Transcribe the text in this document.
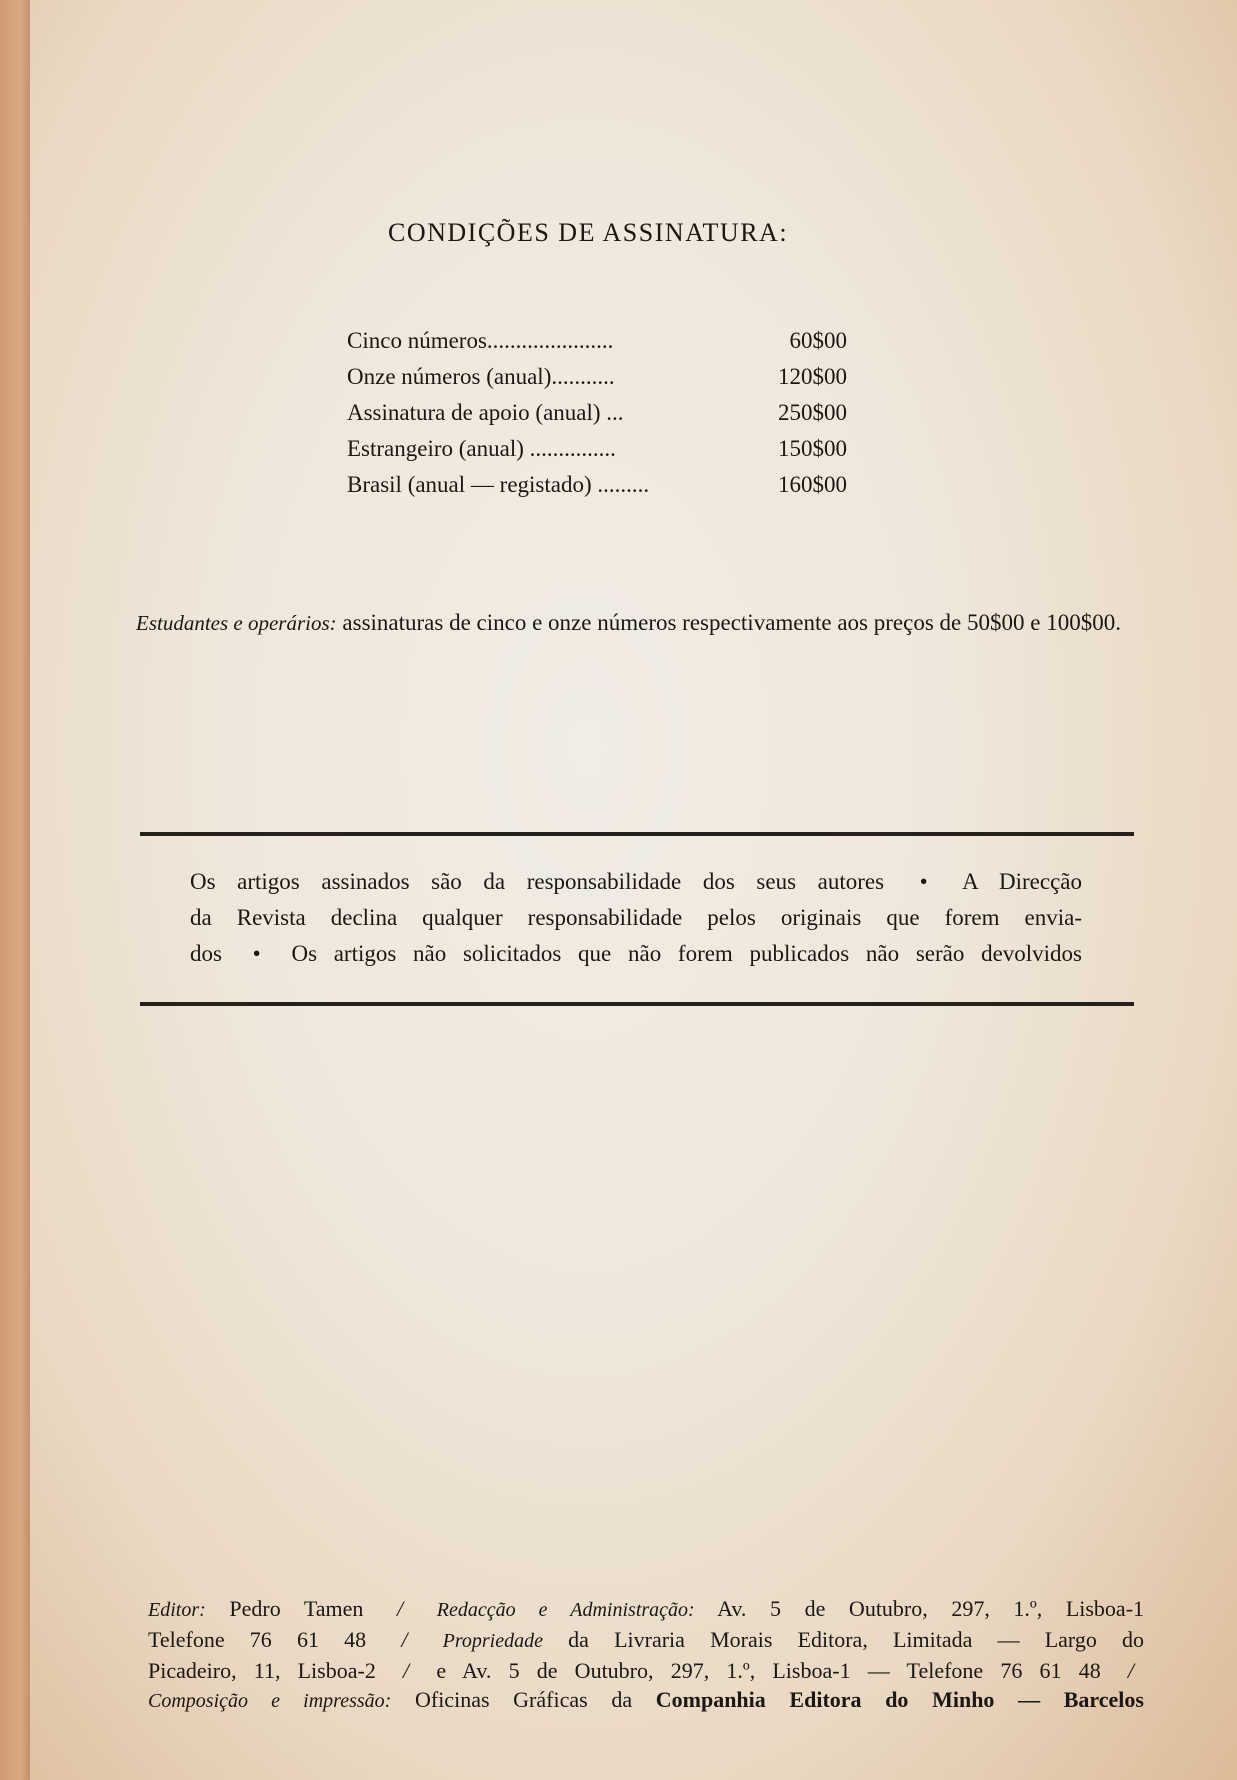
CONDIÇÕES DE ASSINATURA:
Cinco números......................	60$00
Onze números (anual)...........	120$00
Assinatura de apoio (anual) ...	250$00
Estrangeiro (anual) ...............	150$00
Brasil (anual — registado) .........	160$00
Estudantes e operários: assinaturas de cinco e onze números respectivamente aos preços de 50$00 e 100$00.
Os artigos assinados são da responsabilidade dos seus autores • A Direcção
da Revista declina qualquer responsabilidade pelos originais que forem envia-
dos • Os artigos não solicitados que não forem publicados não serão devolvidos
Editor: Pedro Tamen / Redacção e Administração: Av. 5 de Outubro, 297, 1.º, Lisboa-1
Telefone 76 61 48 / Propriedade da Livraria Morais Editora, Limitada — Largo do
Picadeiro, 11, Lisboa-2 / e Av. 5 de Outubro, 297, 1.º, Lisboa-1 — Telefone 76 61 48 /
Composição e impressão: Oficinas Gráficas da Companhia Editora do Minho — Barcelos
